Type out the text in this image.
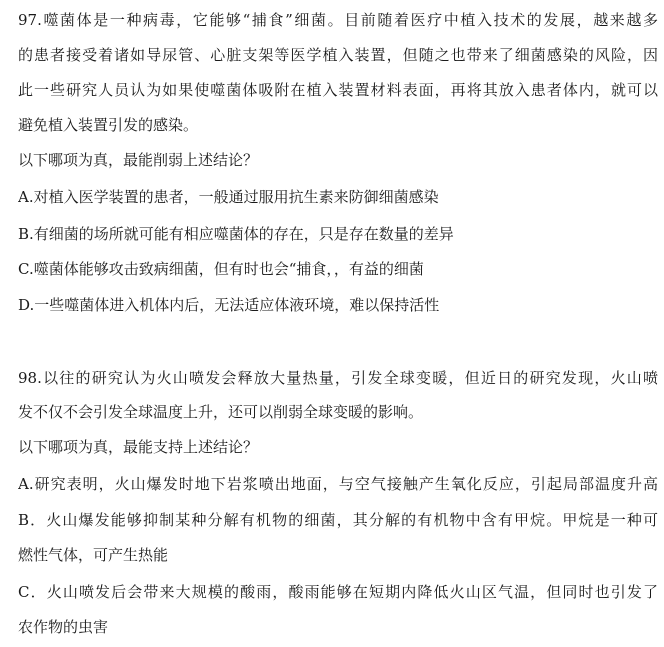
97.噬菌体是一种病毒，它能够“捕食”细菌。目前随着医疗中植入技术的发展，越来越多
的患者接受着诸如导尿管、心脏支架等医学植入装置，但随之也带来了细菌感染的风险，因
此一些研究人员认为如果使噬菌体吸附在植入装置材料表面，再将其放入患者体内，就可以
避免植入装置引发的感染。
以下哪项为真，最能削弱上述结论？
A.对植入医学装置的患者，一般通过服用抗生素来防御细菌感染
B.有细菌的场所就可能有相应噬菌体的存在，只是存在数量的差异
C.噬菌体能够攻击致病细菌，但有时也会“捕食，，有益的细菌
D.一些噬菌体进入机体内后，无法适应体液环境，难以保持活性
98.以往的研究认为火山喷发会释放大量热量，引发全球变暖，但近日的研究发现，火山喷
发不仅不会引发全球温度上升，还可以削弱全球变暖的影响。
以下哪项为真，最能支持上述结论？
A.研究表明，火山爆发时地下岩浆喷出地面，与空气接触产生氧化反应，引起局部温度升高
B．火山爆发能够抑制某种分解有机物的细菌，其分解的有机物中含有甲烷。甲烷是一种可
燃性气体，可产生热能
C．火山喷发后会带来大规模的酸雨，酸雨能够在短期内降低火山区气温，但同时也引发了
农作物的虫害
